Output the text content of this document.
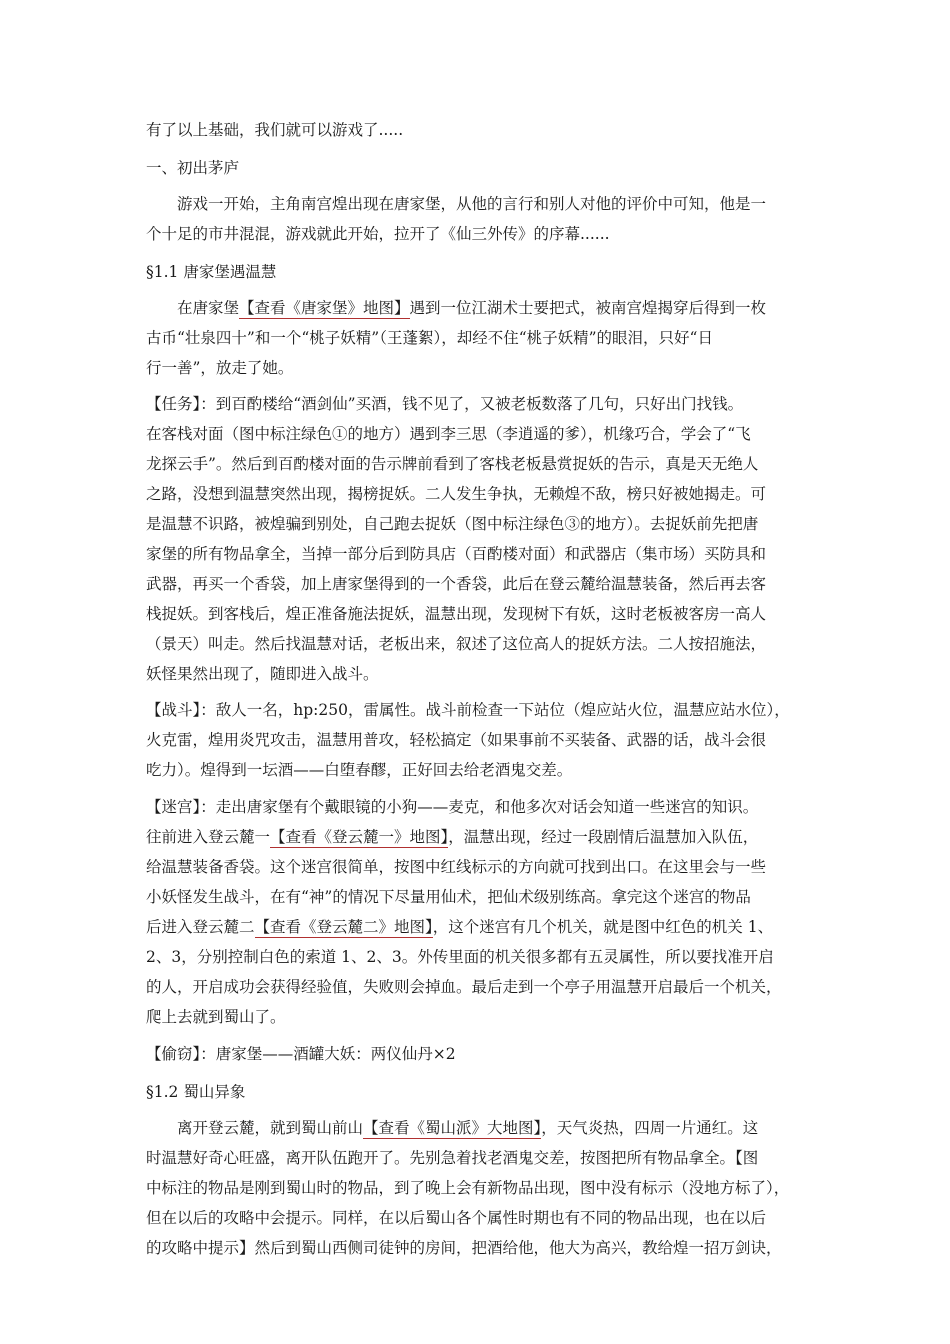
有了以上基础，我们就可以游戏了.....
一、初出茅庐
游戏一开始，主角南宫煌出现在唐家堡，从他的言行和别人对他的评价中可知，他是一
个十足的市井混混，游戏就此开始，拉开了《仙三外传》的序幕......
§1.1 唐家堡遇温慧
在唐家堡【查看《唐家堡》地图】遇到一位江湖术士要把式，被南宫煌揭穿后得到一枚
古币“壮泉四十”和一个“桃子妖精”（王蓬絮），却经不住“桃子妖精”的眼泪，只好“日
行一善”，放走了她。
【任务】：到百酌楼给“酒剑仙”买酒，钱不见了，又被老板数落了几句，只好出门找钱。
在客栈对面（图中标注绿色①的地方）遇到李三思（李逍遥的爹），机缘巧合，学会了“飞
龙探云手”。然后到百酌楼对面的告示牌前看到了客栈老板悬赏捉妖的告示，真是天无绝人
之路，没想到温慧突然出现，揭榜捉妖。二人发生争执，无赖煌不敌，榜只好被她揭走。可
是温慧不识路，被煌骗到别处，自己跑去捉妖（图中标注绿色③的地方）。去捉妖前先把唐
家堡的所有物品拿全，当掉一部分后到防具店（百酌楼对面）和武器店（集市场）买防具和
武器，再买一个香袋，加上唐家堡得到的一个香袋，此后在登云麓给温慧装备，然后再去客
栈捉妖。到客栈后，煌正准备施法捉妖，温慧出现，发现树下有妖，这时老板被客房一高人
（景天）叫走。然后找温慧对话，老板出来，叙述了这位高人的捉妖方法。二人按招施法，
妖怪果然出现了，随即进入战斗。
【战斗】：敌人一名，hp:250，雷属性。战斗前检查一下站位（煌应站火位，温慧应站水位），
火克雷，煌用炎咒攻击，温慧用普攻，轻松搞定（如果事前不买装备、武器的话，战斗会很
吃力）。煌得到一坛酒——白堕春醪，正好回去给老酒鬼交差。
【迷宫】：走出唐家堡有个戴眼镜的小狗——麦克，和他多次对话会知道一些迷宫的知识。
往前进入登云麓一【查看《登云麓一》地图】，温慧出现，经过一段剧情后温慧加入队伍，
给温慧装备香袋。这个迷宫很简单，按图中红线标示的方向就可找到出口。在这里会与一些
小妖怪发生战斗，在有“神”的情况下尽量用仙术，把仙术级别练高。拿完这个迷宫的物品
后进入登云麓二【查看《登云麓二》地图】，这个迷宫有几个机关，就是图中红色的机关 1、
2、3，分别控制白色的索道 1、2、3。外传里面的机关很多都有五灵属性，所以要找准开启
的人，开启成功会获得经验值，失败则会掉血。最后走到一个亭子用温慧开启最后一个机关，
爬上去就到蜀山了。
【偷窃】：唐家堡——酒罐大妖：两仪仙丹×2
§1.2 蜀山异象
离开登云麓，就到蜀山前山【查看《蜀山派》大地图】，天气炎热，四周一片通红。这
时温慧好奇心旺盛，离开队伍跑开了。先别急着找老酒鬼交差，按图把所有物品拿全。【图
中标注的物品是刚到蜀山时的物品，到了晚上会有新物品出现，图中没有标示（没地方标了），
但在以后的攻略中会提示。同样，在以后蜀山各个属性时期也有不同的物品出现，也在以后
的攻略中提示】然后到蜀山西侧司徒钟的房间，把酒给他，他大为高兴，教给煌一招万剑诀，
